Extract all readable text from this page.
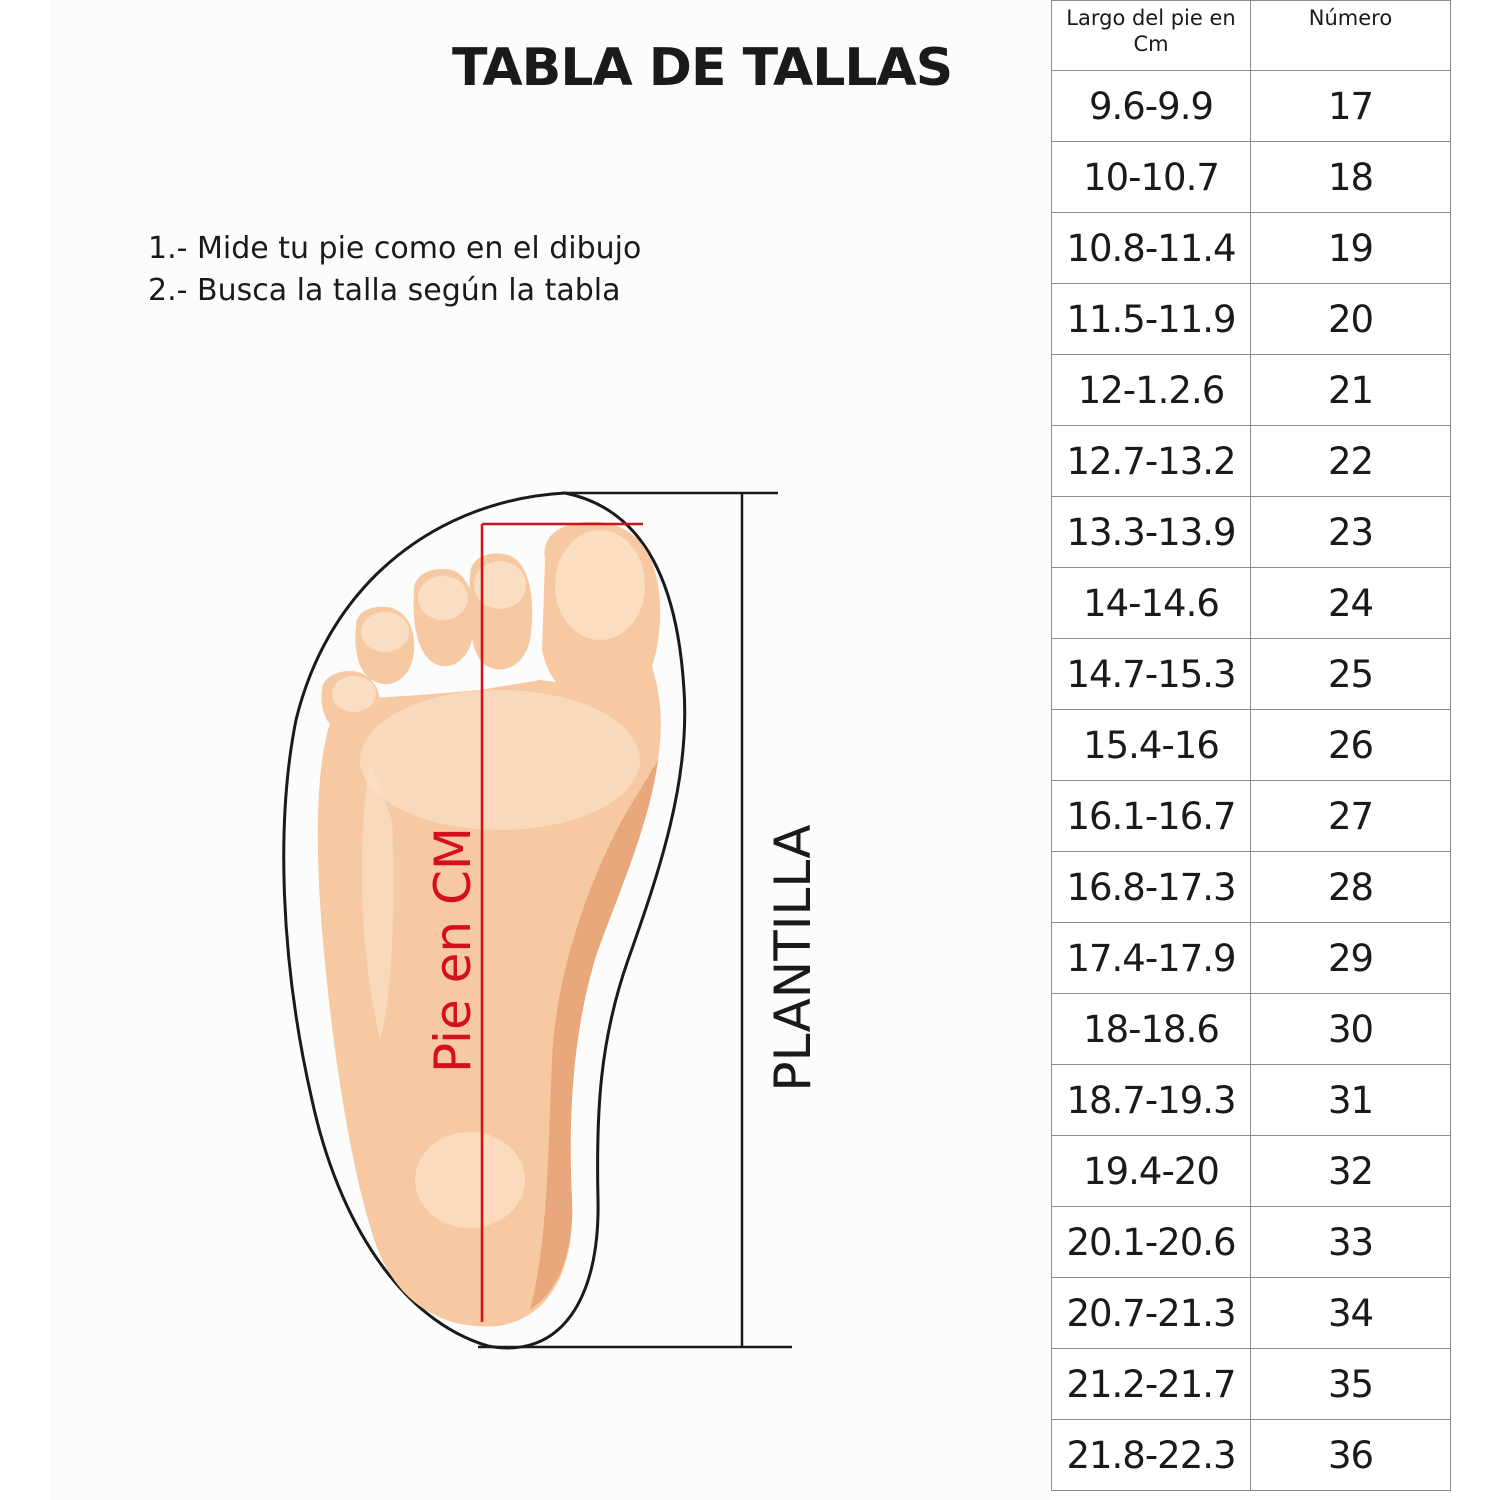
TABLA DE TALLAS
1.- Mide tu pie como en el dibujo
2.- Busca la talla según la tabla
Pie en CM	PLANTILLA
Largo del pie en Cm	Número
9.6-9.9	17
10-10.7	18
10.8-11.4	19
11.5-11.9	20
12-1.2.6	21
12.7-13.2	22
13.3-13.9	23
14-14.6	24
14.7-15.3	25
15.4-16	26
16.1-16.7	27
16.8-17.3	28
17.4-17.9	29
18-18.6	30
18.7-19.3	31
19.4-20	32
20.1-20.6	33
20.7-21.3	34
21.2-21.7	35
21.8-22.3	36
